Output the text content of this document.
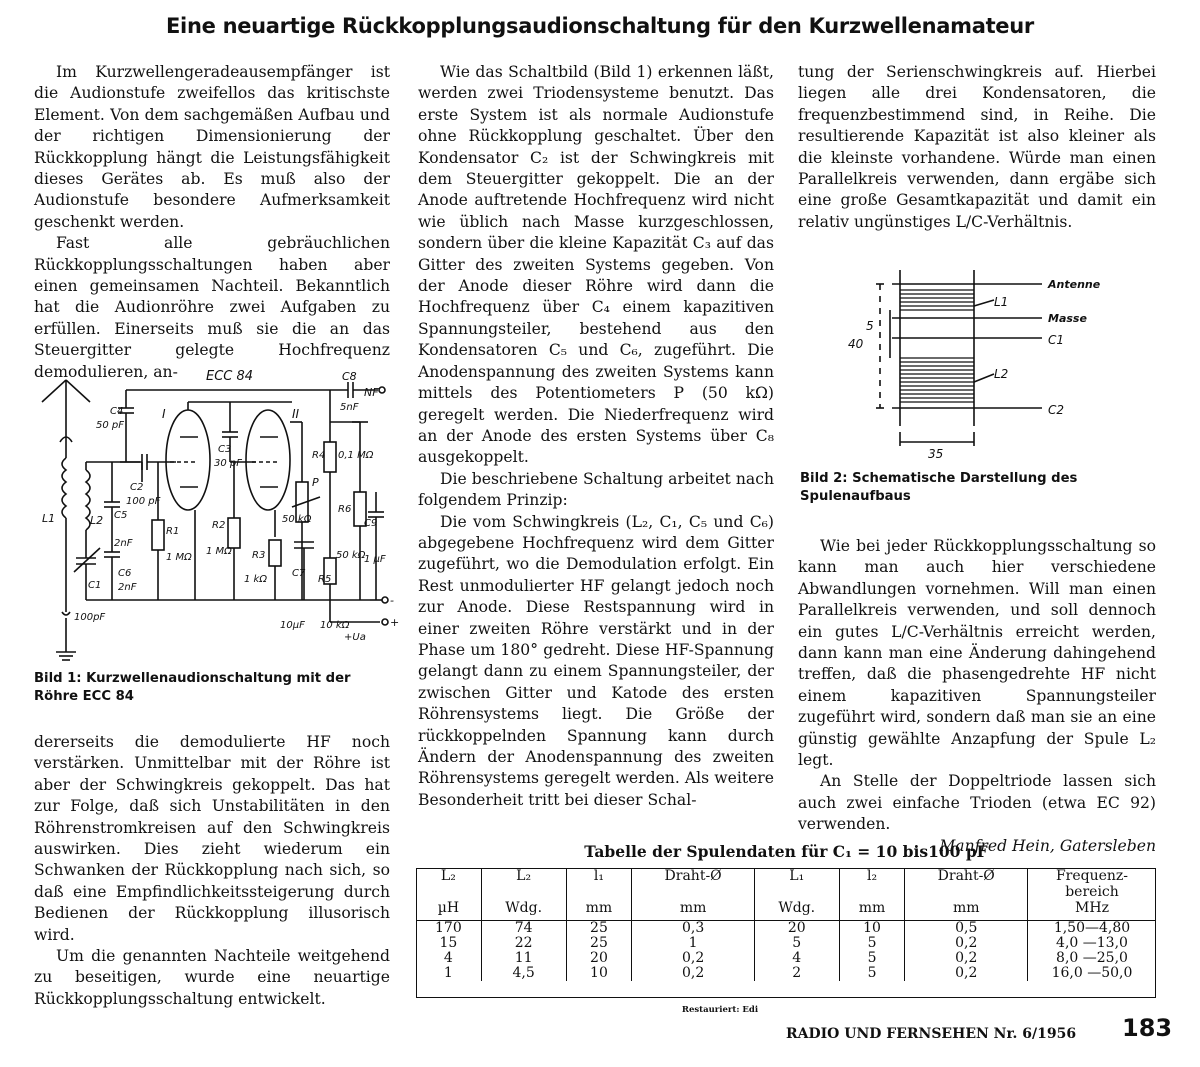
Eine neuartige Rückkopplungsaudionschaltung für den Kurzwellenamateur

Im Kurzwellengeradeausempfänger ist die Audionstufe zweifellos das kritischste Element. Von dem sachgemäßen Aufbau und der richtigen Dimensionierung der Rückkopplung hängt die Leistungsfähigkeit dieses Gerätes ab. Es muß also der Audionstufe besondere Aufmerksamkeit geschenkt werden.

Fast alle gebräuchlichen Rückkopplungsschaltungen haben aber einen gemeinsamen Nachteil. Bekanntlich hat die Audionröhre zwei Aufgaben zu erfüllen. Einerseits muß sie die an das Steuergitter gelegte Hochfrequenz demodulieren, an-	ECC 84
I	II
C8
NF
C4
50 pF
5nF
C3
30 pF
R4 0,1 MΩ
C2
100 pF
P
50 kΩ
R6
C9
50 kΩ
1 µF
L1	L2 C5
2nF
R1
1 MΩ
R2
1 MΩ R3
1 kΩ
C1
C6
2nF
C7
R5
100pF
10µF 10 kΩ
+Ua
+
-
Bild 1: Kurzwellenaudionschaltung mit der Röhre ECC 84

dererseits die demodulierte HF noch verstärken. Unmittelbar mit der Röhre ist aber der Schwingkreis gekoppelt. Das hat zur Folge, daß sich Unstabilitäten in den Röhrenstromkreisen auf den Schwingkreis auswirken. Dies zieht wiederum ein Schwanken der Rückkopplung nach sich, so daß eine Empfindlichkeitssteigerung durch Bedienen der Rückkopplung illusorisch wird.

Um die genannten Nachteile weitgehend zu beseitigen, wurde eine neuartige Rückkopplungsschaltung entwickelt.

Wie das Schaltbild (Bild 1) erkennen läßt, werden zwei Triodensysteme benutzt. Das erste System ist als normale Audionstufe ohne Rückkopplung geschaltet. Über den Kondensator C₂ ist der Schwingkreis mit dem Steuergitter gekoppelt. Die an der Anode auftretende Hochfrequenz wird nicht wie üblich nach Masse kurzgeschlossen, sondern über die kleine Kapazität C₃ auf das Gitter des zweiten Systems gegeben. Von der Anode dieser Röhre wird dann die Hochfrequenz über C₄ einem kapazitiven Spannungsteiler, bestehend aus den Kondensatoren C₅ und C₆, zugeführt. Die Anodenspannung des zweiten Systems kann mittels des Potentiometers P (50 kΩ) geregelt werden. Die Niederfrequenz wird an der Anode des ersten Systems über C₈ ausgekoppelt.

Die beschriebene Schaltung arbeitet nach folgendem Prinzip:

Die vom Schwingkreis (L₂, C₁, C₅ und C₆) abgegebene Hochfrequenz wird dem Gitter zugeführt, wo die Demodulation erfolgt. Ein Rest unmodulierter HF gelangt jedoch noch zur Anode. Diese Restspannung wird in einer zweiten Röhre verstärkt und in der Phase um 180° gedreht. Diese HF-Spannung gelangt dann zu einem Spannungsteiler, der zwischen Gitter und Katode des ersten Röhrensystems liegt. Die Größe der rückkoppelnden Spannung kann durch Ändern der Anodenspannung des zweiten Röhrensystems geregelt werden. Als weitere Besonderheit tritt bei dieser Schal-

tung der Serienschwingkreis auf. Hierbei liegen alle drei Kondensatoren, die frequenzbestimmend sind, in Reihe. Die resultierende Kapazität ist also kleiner als die kleinste vorhandene. Würde man einen Parallelkreis verwenden, dann ergäbe sich eine große Gesamtkapazität und damit ein relativ ungünstiges L/C-Verhältnis.

Antenne
L1
Masse
C1
L2
C2
5
40
35
Bild 2: Schematische Darstellung des Spulenaufbaus

Wie bei jeder Rückkopplungsschaltung so kann man auch hier verschiedene Abwandlungen vornehmen. Will man einen Parallelkreis verwenden, und soll dennoch ein gutes L/C-Verhältnis erreicht werden, dann kann man eine Änderung dahingehend treffen, daß die phasengedrehte HF nicht einem kapazitiven Spannungsteiler zugeführt wird, sondern daß man sie an eine günstig gewählte Anzapfung der Spule L₂ legt.

An Stelle der Doppeltriode lassen sich auch zwei einfache Trioden (etwa EC 92) verwenden.

Manfred Hein, Gatersleben
Tabelle der Spulendaten für C₁ = 10 bis100 pF
L₂	L₂	l₁	Draht-Ø	L₁	l₂	Draht-Ø	Frequenz-bereich
µH	Wdg.	mm	mm	Wdg.	mm	mm	MHz
170	74	25	0,3	20	10	0,5	1,50—4,80
15	22	25	1	5	5	0,2	4,0 —13,0
4	11	20	0,2	4	5	0,2	8,0 —25,0
1	4,5	10	0,2	2	5	0,2	16,0 —50,0
Restauriert: Edi
RADIO UND FERNSEHEN Nr. 6/1956 183
